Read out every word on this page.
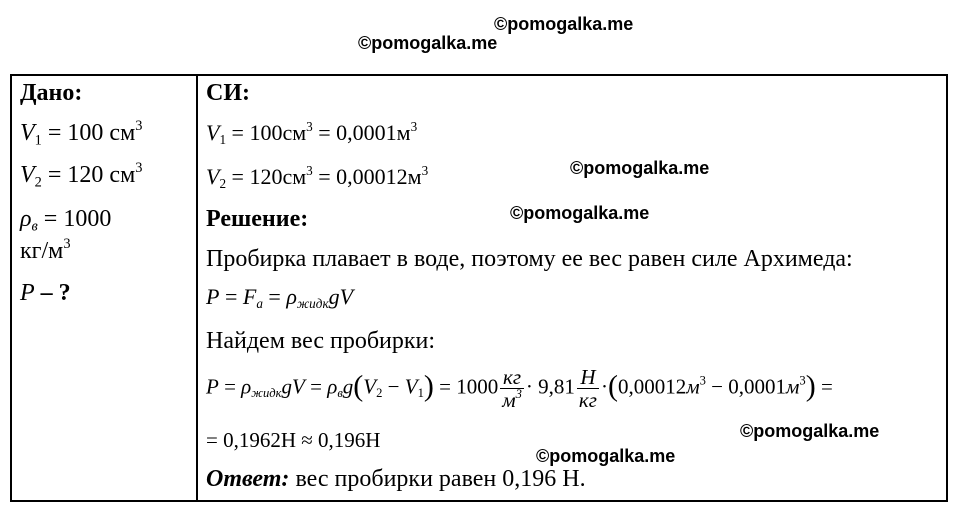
©pomogalka.me
©pomogalka.me
©pomogalka.me
©pomogalka.me
©pomogalka.me
©pomogalka.me
Дано:
$V_1 = 100$ $см^3$
$V_2 = 120$ $см^3$
$\rho_в = 1000$
$кг/м^3$
P – ?
СИ:
$V_1 = 100см^3 = 0,0001м^3$
$V_2 = 120см^3 = 0,00012м^3$
Решение:
Пробирка плавает в воде, поэтому ее вес равен силе Архимеда:
$P = F_а = \rho_{жидк}gV$
Найдем вес пробирки:
$P = \rho_{жидк}gV = \rho_вg(V_2 - V_1) = 1000 \frac{кг}{м^3} \cdot 9,81 \frac{H}{кг} \cdot(0,00012м^3 - 0,0001м^3)$ =
= 0,1962H ≈ 0,196H
Ответ: вес пробирки равен 0,196 Н.
